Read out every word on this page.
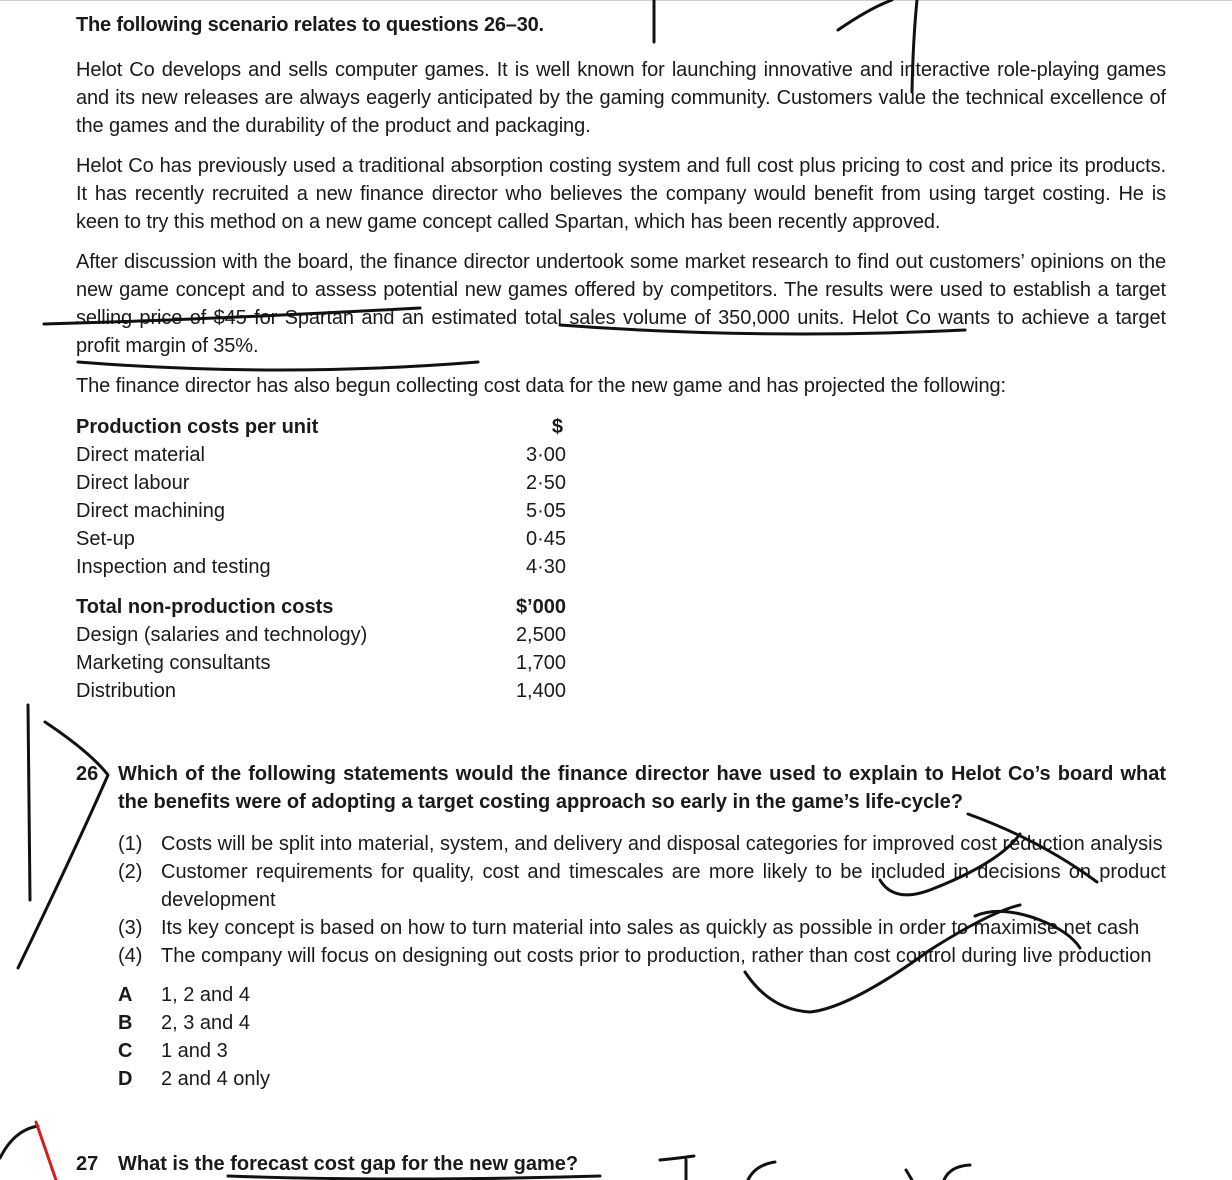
The following scenario relates to questions 26–30.
Helot Co develops and sells computer games. It is well known for launching innovative and interactive role-playing games and its new releases are always eagerly anticipated by the gaming community. Customers value the technical excellence of the games and the durability of the product and packaging.
Helot Co has previously used a traditional absorption costing system and full cost plus pricing to cost and price its products. It has recently recruited a new finance director who believes the company would benefit from using target costing. He is keen to try this method on a new game concept called Spartan, which has been recently approved.
After discussion with the board, the finance director undertook some market research to find out customers’ opinions on the new game concept and to assess potential new games offered by competitors. The results were used to establish a target selling price of $45 for Spartan and an estimated total sales volume of 350,000 units. Helot Co wants to achieve a target profit margin of 35%.
The finance director has also begun collecting cost data for the new game and has projected the following:
Production costs per unit	$
Direct material	3·00
Direct labour	2·50
Direct machining	5·05
Set-up	0·45
Inspection and testing	4·30
Total non-production costs	$’000
Design (salaries and technology)	2,500
Marketing consultants	1,700
Distribution	1,400
26 Which of the following statements would the finance director have used to explain to Helot Co’s board what the benefits were of adopting a target costing approach so early in the game’s life-cycle?
(1) Costs will be split into material, system, and delivery and disposal categories for improved cost reduction analysis
(2) Customer requirements for quality, cost and timescales are more likely to be included in decisions on product development
(3) Its key concept is based on how to turn material into sales as quickly as possible in order to maximise net cash
(4) The company will focus on designing out costs prior to production, rather than cost control during live production
A 1, 2 and 4
B 2, 3 and 4
C 1 and 3
D 2 and 4 only
27 What is the forecast cost gap for the new game?
